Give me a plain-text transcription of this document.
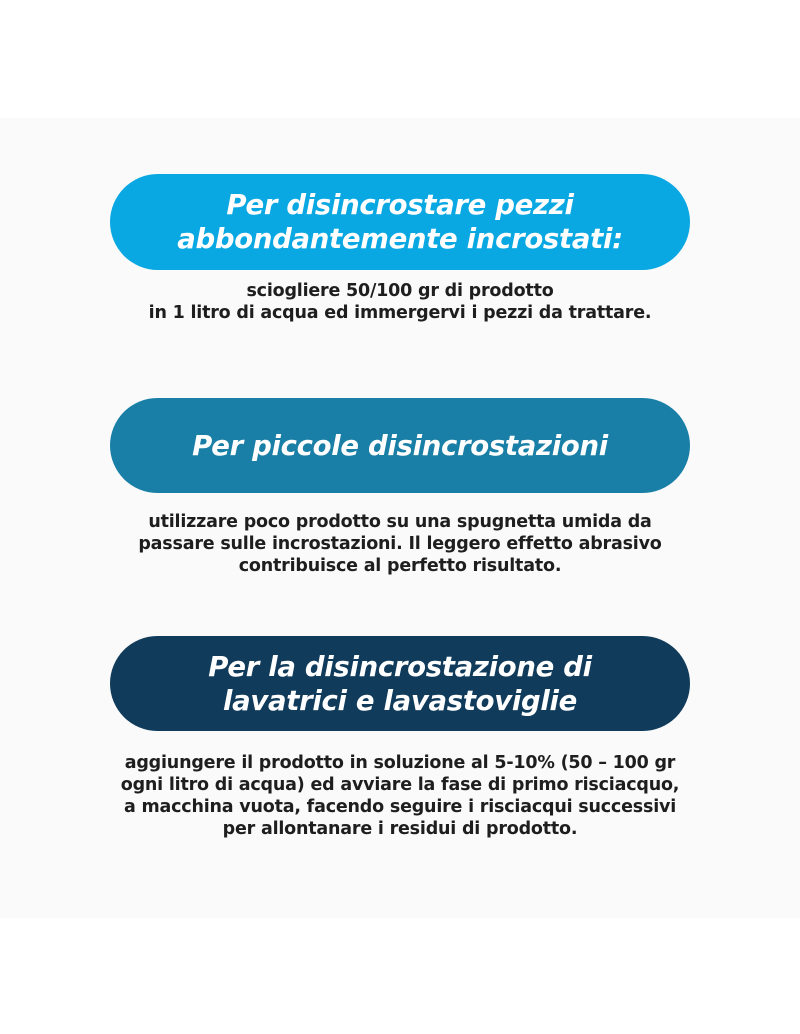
Per disincrostare pezzi
abbondantemente incrostati:
sciogliere 50/100 gr di prodotto
in 1 litro di acqua ed immergervi i pezzi da trattare.
Per piccole disincrostazioni
utilizzare poco prodotto su una spugnetta umida da
passare sulle incrostazioni. Il leggero effetto abrasivo
contribuisce al perfetto risultato.
Per la disincrostazione di
lavatrici e lavastoviglie
aggiungere il prodotto in soluzione al 5-10% (50 – 100 gr
ogni litro di acqua) ed avviare la fase di primo risciacquo,
a macchina vuota, facendo seguire i risciacqui successivi
per allontanare i residui di prodotto.
